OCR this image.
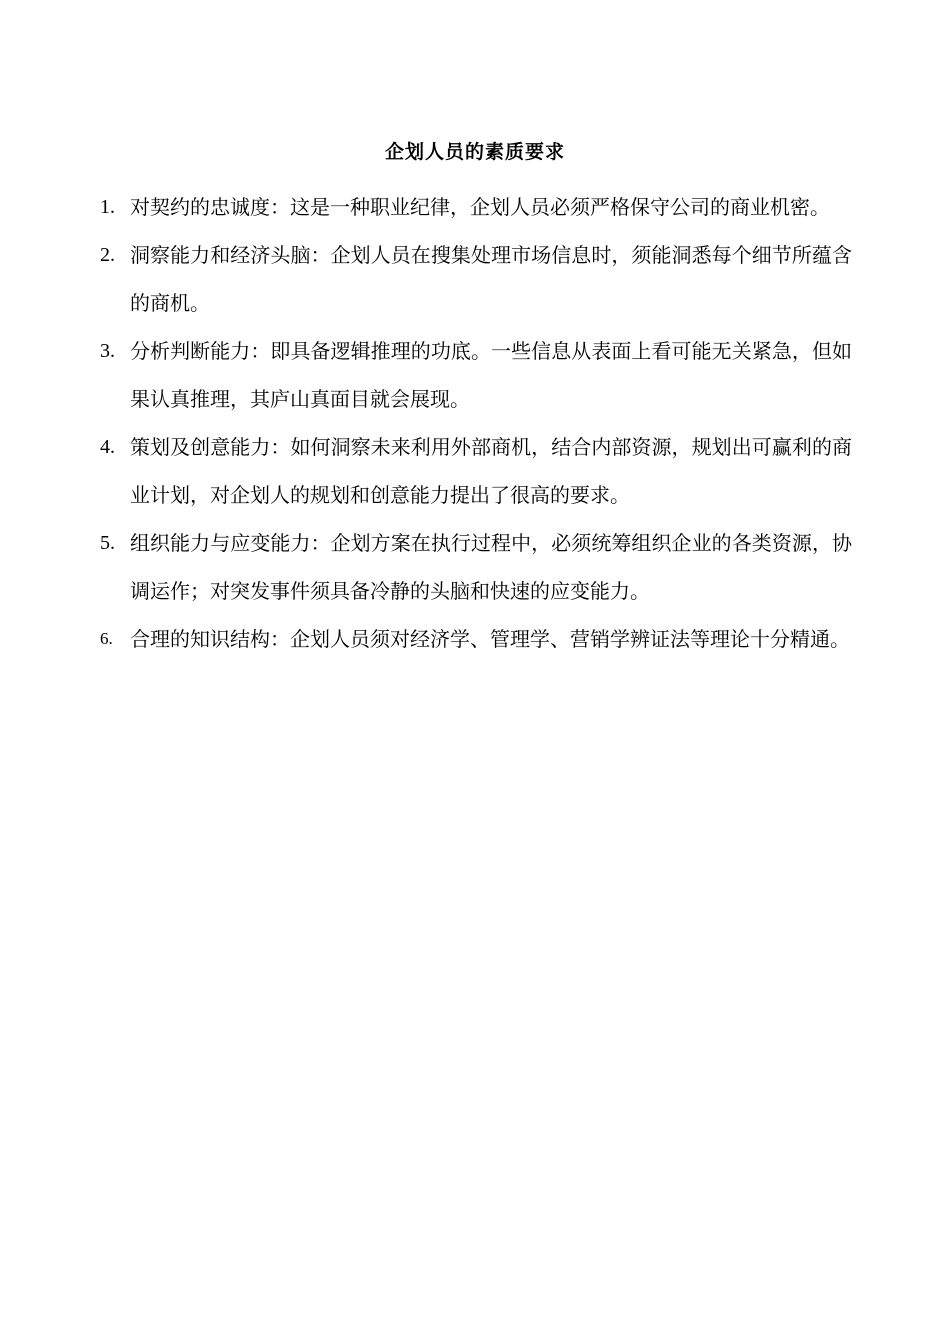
企划人员的素质要求
1. 对契约的忠诚度：这是一种职业纪律，企划人员必须严格保守公司的商业机密。
2. 洞察能力和经济头脑：企划人员在搜集处理市场信息时，须能洞悉每个细节所蕴含的商机。
3. 分析判断能力：即具备逻辑推理的功底。一些信息从表面上看可能无关紧急，但如果认真推理，其庐山真面目就会展现。
4. 策划及创意能力：如何洞察未来利用外部商机，结合内部资源，规划出可赢利的商业计划，对企划人的规划和创意能力提出了很高的要求。
5. 组织能力与应变能力：企划方案在执行过程中，必须统筹组织企业的各类资源，协调运作；对突发事件须具备冷静的头脑和快速的应变能力。
6. 合理的知识结构：企划人员须对经济学、管理学、营销学辨证法等理论十分精通。
